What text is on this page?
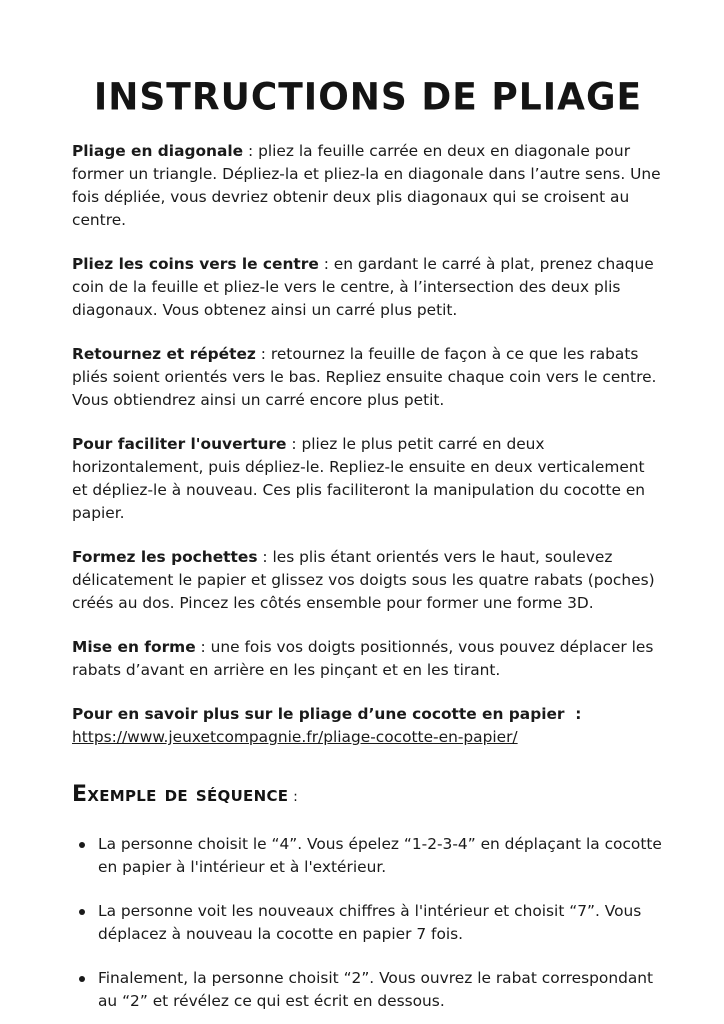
INSTRUCTIONS DE PLIAGE

Pliage en diagonale : pliez la feuille carrée en deux en diagonale pour former un triangle. Dépliez-la et pliez-la en diagonale dans l’autre sens. Une fois dépliée, vous devriez obtenir deux plis diagonaux qui se croisent au centre.

Pliez les coins vers le centre : en gardant le carré à plat, prenez chaque coin de la feuille et pliez-le vers le centre, à l’intersection des deux plis diagonaux. Vous obtenez ainsi un carré plus petit.

Retournez et répétez : retournez la feuille de façon à ce que les rabats pliés soient orientés vers le bas. Repliez ensuite chaque coin vers le centre. Vous obtiendrez ainsi un carré encore plus petit.

Pour faciliter l'ouverture : pliez le plus petit carré en deux horizontalement, puis dépliez-le. Repliez-le ensuite en deux verticalement et dépliez-le à nouveau. Ces plis faciliteront la manipulation du cocotte en papier.

Formez les pochettes : les plis étant orientés vers le haut, soulevez délicatement le papier et glissez vos doigts sous les quatre rabats (poches) créés au dos. Pincez les côtés ensemble pour former une forme 3D.

Mise en forme : une fois vos doigts positionnés, vous pouvez déplacer les rabats d’avant en arrière en les pinçant et en les tirant.

Pour en savoir plus sur le pliage d’une cocotte en papier  :
https://www.jeuxetcompagnie.fr/pliage-cocotte-en-papier/

Exemple de séquence :
La personne choisit le “4”. Vous épelez “1-2-3-4” en déplaçant la cocotte en papier à l'intérieur et à l'extérieur.
La personne voit les nouveaux chiffres à l'intérieur et choisit “7”. Vous déplacez à nouveau la cocotte en papier 7 fois.
Finalement, la personne choisit “2”. Vous ouvrez le rabat correspondant au “2” et révélez ce qui est écrit en dessous.
